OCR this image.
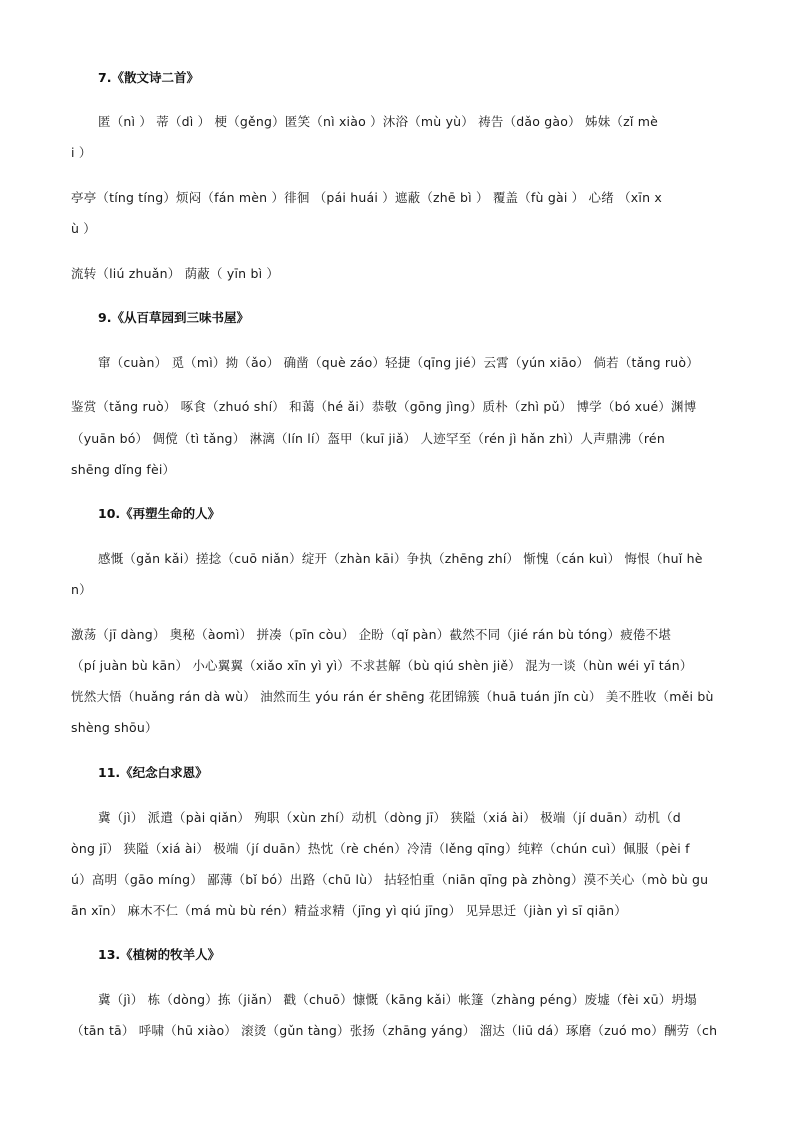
7.《散文诗二首》
匿（nì ） 蒂（dì ） 梗（gěng）匿笑（nì xiào ）沐浴（mù yù） 祷告（dǎo gào） 姊妹（zǐ mè
i ）
亭亭（tíng tíng）烦闷（fán mèn ）徘徊 （pái huái ）遮蔽（zhē bì ） 覆盖（fù gài ） 心绪 （xīn x
ù ）
流转（liú zhuǎn） 荫蔽（ yīn bì ）
9.《从百草园到三味书屋》
窜（cuàn） 觅（mì）拗（ǎo） 确凿（què záo）轻捷（qīng jié）云霄（yún xiāo） 倘若（tǎng ruò）
鉴赏（tǎng ruò） 啄食（zhuó shí） 和蔼（hé ǎi）恭敬（gōng jìng）质朴（zhì pǔ） 博学（bó xué）渊博
（yuān bó） 倜傥（tì tǎng） 淋漓（lín lí）盔甲（kuī jiǎ） 人迹罕至（rén jì hǎn zhì）人声鼎沸（rén
shēng dǐng fèi）
10.《再塑生命的人》
感慨（gǎn kǎi）搓捻（cuō niǎn）绽开（zhàn kāi）争执（zhēng zhí） 惭愧（cán kuì） 悔恨（huǐ hè
n）
激荡（jī dàng） 奥秘（àomì） 拼凑（pīn còu） 企盼（qǐ pàn）截然不同（jié rán bù tóng）疲倦不堪
（pí juàn bù kān） 小心翼翼（xiǎo xīn yì yì）不求甚解（bù qiú shèn jiě） 混为一谈（hùn wéi yī tán）
恍然大悟（huǎng rán dà wù） 油然而生 yóu rán ér shēng 花团锦簇（huā tuán jǐn cù） 美不胜收（měi bù
shèng shōu）
11.《纪念白求恩》
冀（jì） 派遣（pài qiǎn） 殉职（xùn zhí）动机（dòng jī） 狭隘（xiá ài） 极端（jí duān）动机（d
òng jī） 狭隘（xiá ài） 极端（jí duān）热忱（rè chén）冷清（lěng qīng）纯粹（chún cuì）佩服（pèi f
ú）高明（gāo míng） 鄙薄（bǐ bó）出路（chū lù） 拈轻怕重（niān qīng pà zhòng）漠不关心（mò bù gu
ān xīn） 麻木不仁（má mù bù rén）精益求精（jīng yì qiú jīng） 见异思迁（jiàn yì sī qiān）
13.《植树的牧羊人》
冀（jì） 栋（dòng）拣（jiǎn） 戳（chuō）慷慨（kāng kǎi）帐篷（zhàng péng）废墟（fèi xū）坍塌
（tān tā） 呼啸（hū xiào） 滚烫（gǔn tàng）张扬（zhāng yáng） 溜达（liū dá）琢磨（zuó mo）酬劳（ch
